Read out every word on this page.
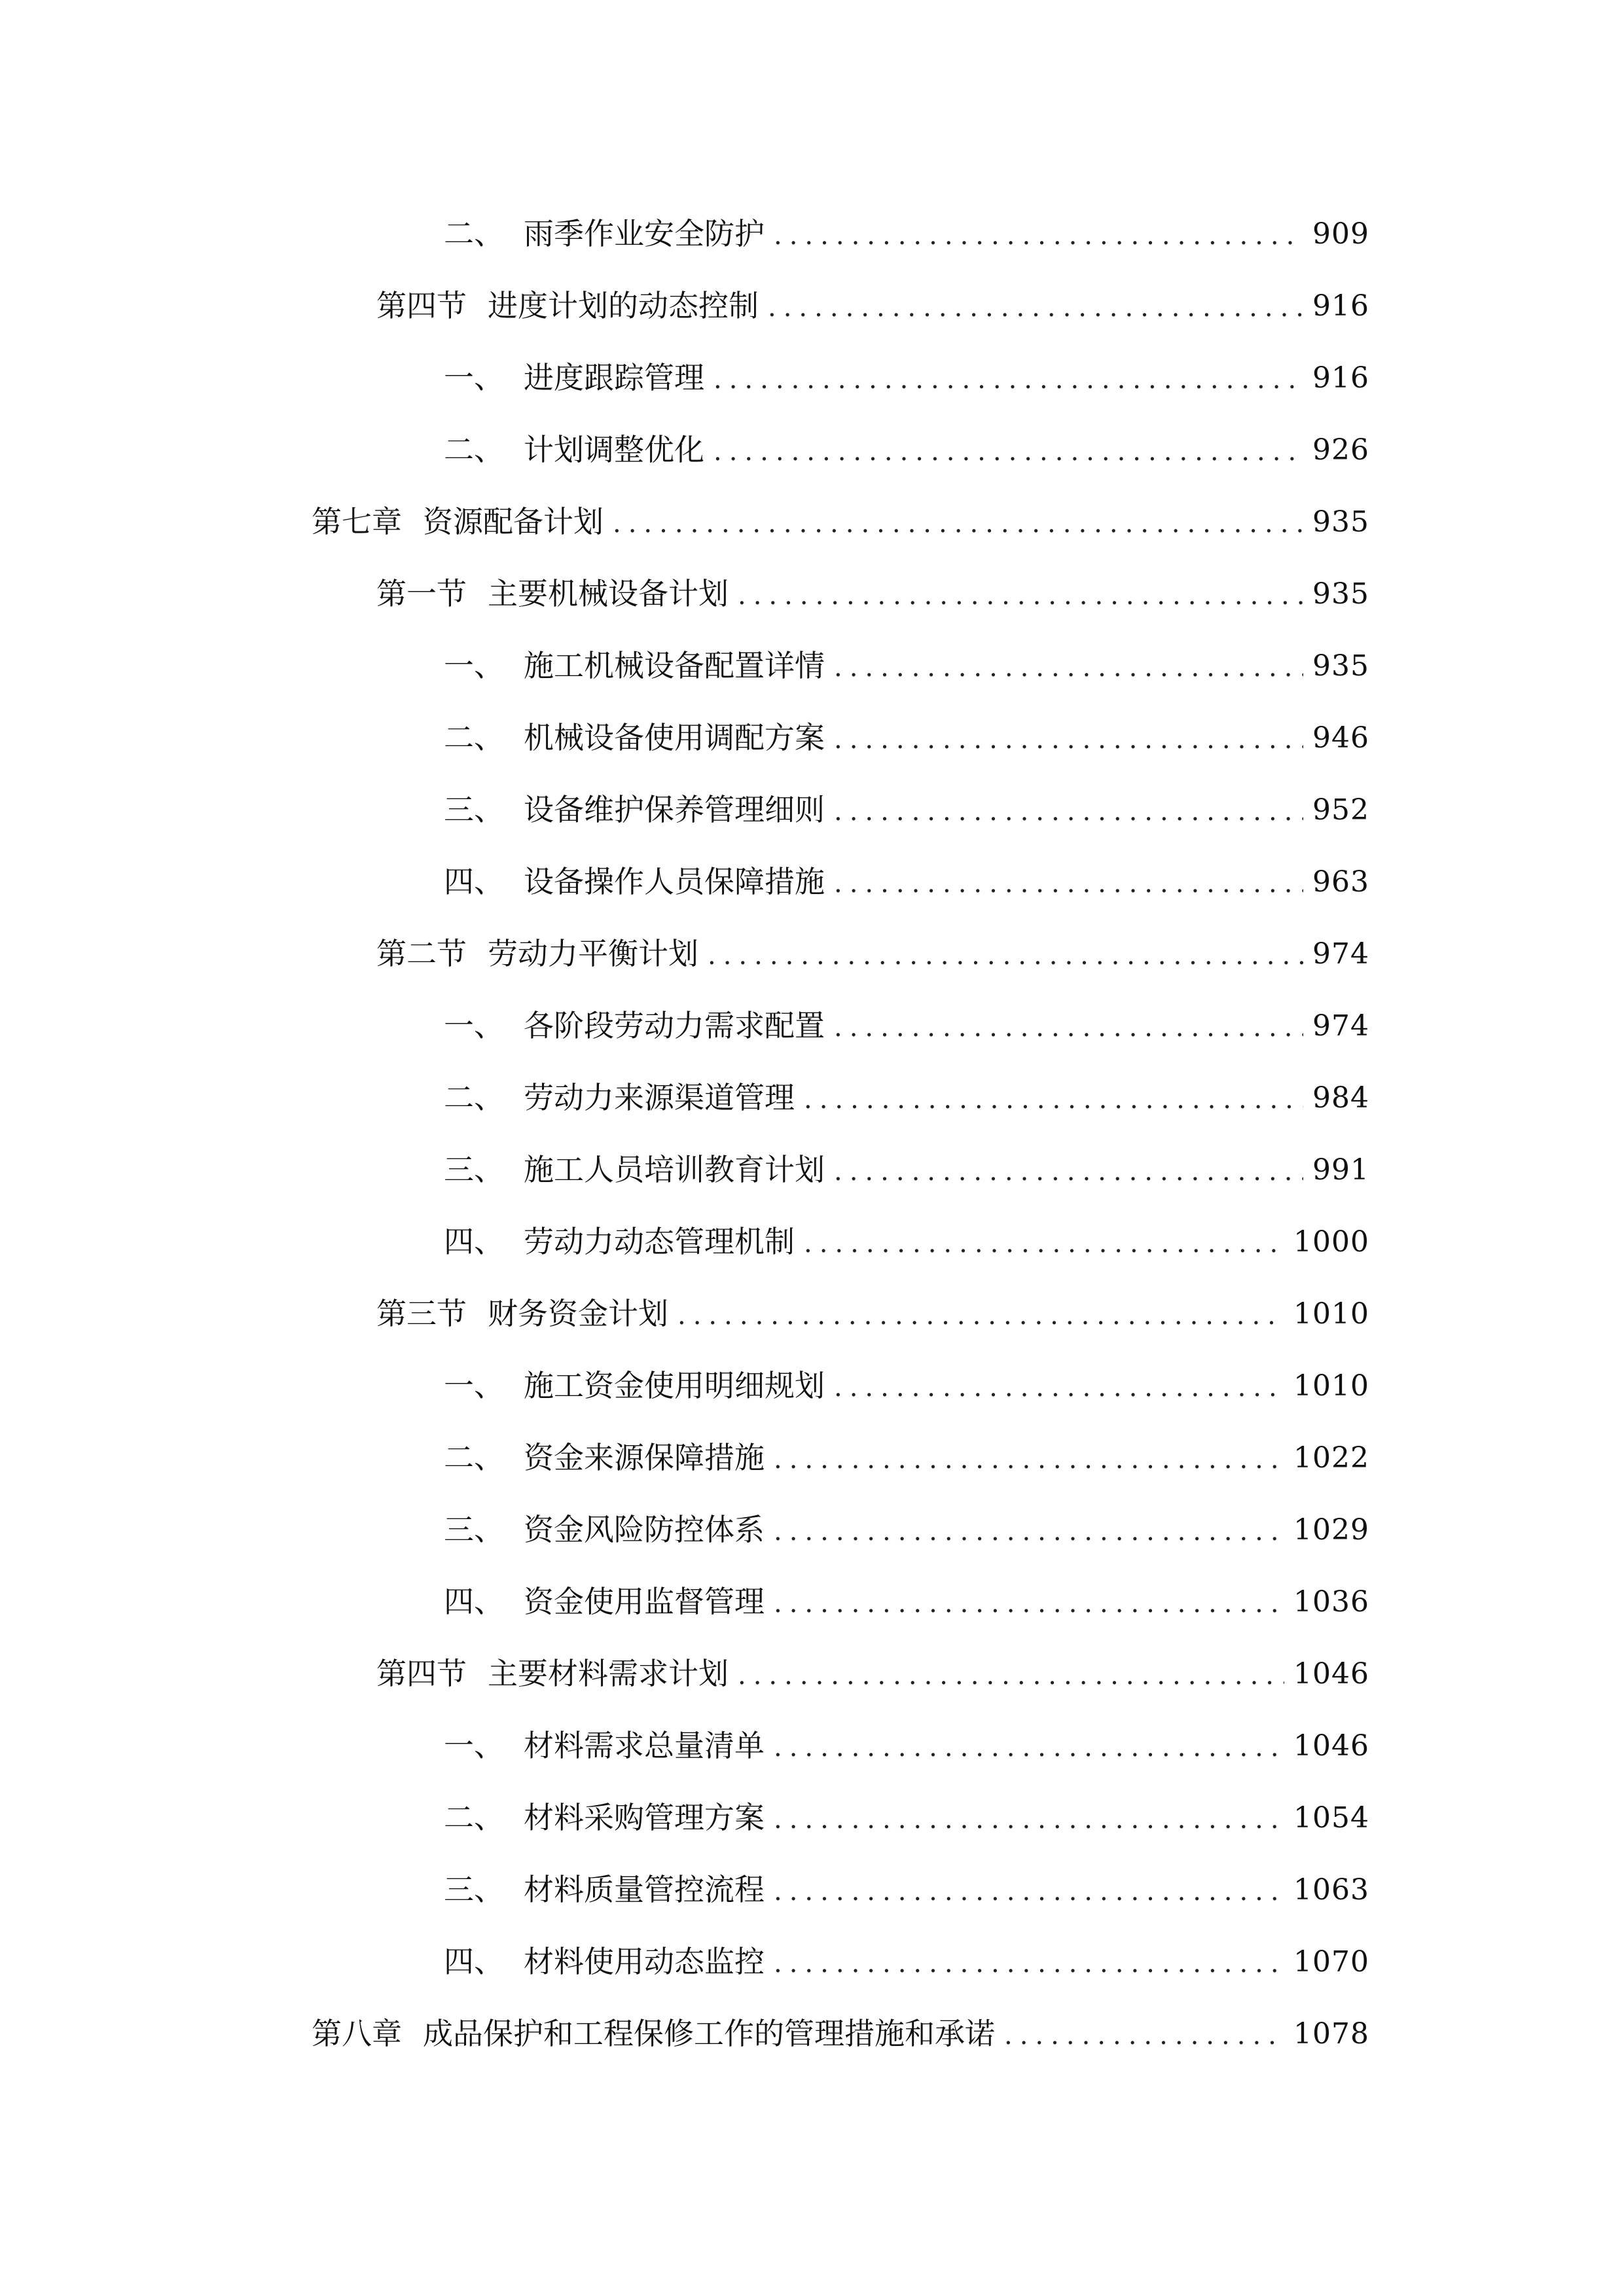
二、 雨季作业安全防护 .....	909
第四节 进度计划的动态控制 .....	916
一、 进度跟踪管理 .....	916
二、 计划调整优化 .....	926
第七章 资源配备计划 .....	935
第一节 主要机械设备计划 .....	935
一、 施工机械设备配置详情 .....	935
二、 机械设备使用调配方案 .....	946
三、 设备维护保养管理细则 .....	952
四、 设备操作人员保障措施 .....	963
第二节 劳动力平衡计划 .....	974
一、 各阶段劳动力需求配置 .....	974
二、 劳动力来源渠道管理 .....	984
三、 施工人员培训教育计划 .....	991
四、 劳动力动态管理机制 .....	1000
第三节 财务资金计划 .....	1010
一、 施工资金使用明细规划 .....	1010
二、 资金来源保障措施 .....	1022
三、 资金风险防控体系 .....	1029
四、 资金使用监督管理 .....	1036
第四节 主要材料需求计划 .....	1046
一、 材料需求总量清单 .....	1046
二、 材料采购管理方案 .....	1054
三、 材料质量管控流程 .....	1063
四、 材料使用动态监控 .....	1070
第八章 成品保护和工程保修工作的管理措施和承诺 .....	1078
